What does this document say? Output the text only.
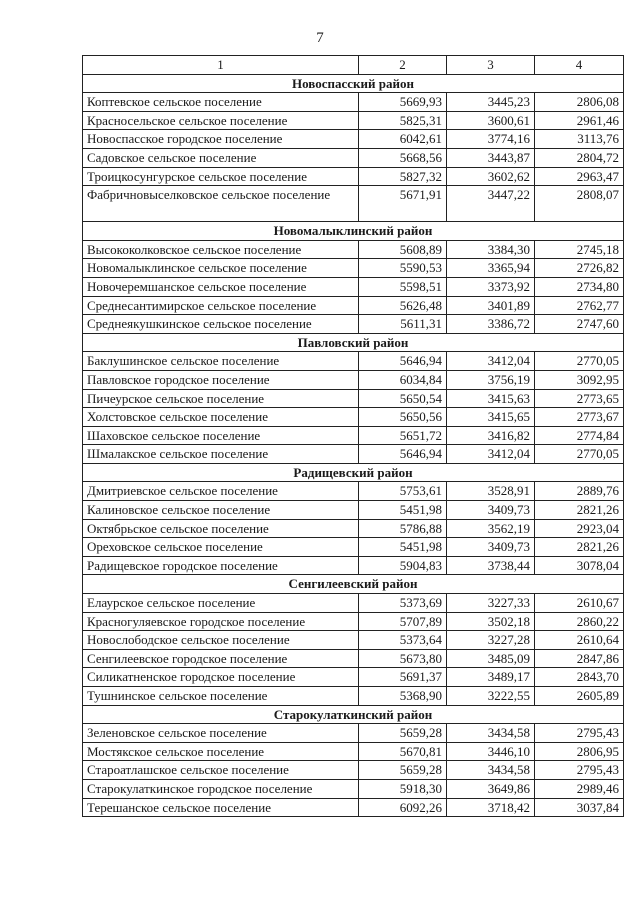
7
1	2	3	4
Новоспасский район			
Коптевское сельское поселение	5669,93	3445,23	2806,08
Красносельское сельское поселение	5825,31	3600,61	2961,46
Новоспасское городское поселение	6042,61	3774,16	3113,76
Садовское сельское поселение	5668,56	3443,87	2804,72
Троицкосунгурское сельское поселение	5827,32	3602,62	2963,47
Фабричновыселковское сельское поселение	5671,91	3447,22	2808,07
Новомалыклинский район			
Высококолковское сельское поселение	5608,89	3384,30	2745,18
Новомалыклинское сельское поселение	5590,53	3365,94	2726,82
Новочеремшанское сельское поселение	5598,51	3373,92	2734,80
Среднесантимирское сельское поселение	5626,48	3401,89	2762,77
Среднеякушкинское сельское поселение	5611,31	3386,72	2747,60
Павловский район			
Баклушинское сельское поселение	5646,94	3412,04	2770,05
Павловское городское поселение	6034,84	3756,19	3092,95
Пичеурское сельское поселение	5650,54	3415,63	2773,65
Холстовское сельское поселение	5650,56	3415,65	2773,67
Шаховское сельское поселение	5651,72	3416,82	2774,84
Шмалакское сельское поселение	5646,94	3412,04	2770,05
Радищевский район			
Дмитриевское сельское поселение	5753,61	3528,91	2889,76
Калиновское сельское поселение	5451,98	3409,73	2821,26
Октябрьское сельское поселение	5786,88	3562,19	2923,04
Ореховское сельское поселение	5451,98	3409,73	2821,26
Радищевское городское поселение	5904,83	3738,44	3078,04
Сенгилеевский район			
Елаурское сельское поселение	5373,69	3227,33	2610,67
Красногуляевское городское поселение	5707,89	3502,18	2860,22
Новослободское сельское поселение	5373,64	3227,28	2610,64
Сенгилеевское городское поселение	5673,80	3485,09	2847,86
Силикатненское городское поселение	5691,37	3489,17	2843,70
Тушнинское сельское поселение	5368,90	3222,55	2605,89
Старокулаткинский район			
Зеленовское сельское поселение	5659,28	3434,58	2795,43
Мостякское сельское поселение	5670,81	3446,10	2806,95
Староатлашское сельское поселение	5659,28	3434,58	2795,43
Старокулаткинское городское поселение	5918,30	3649,86	2989,46
Терешанское сельское поселение	6092,26	3718,42	3037,84
